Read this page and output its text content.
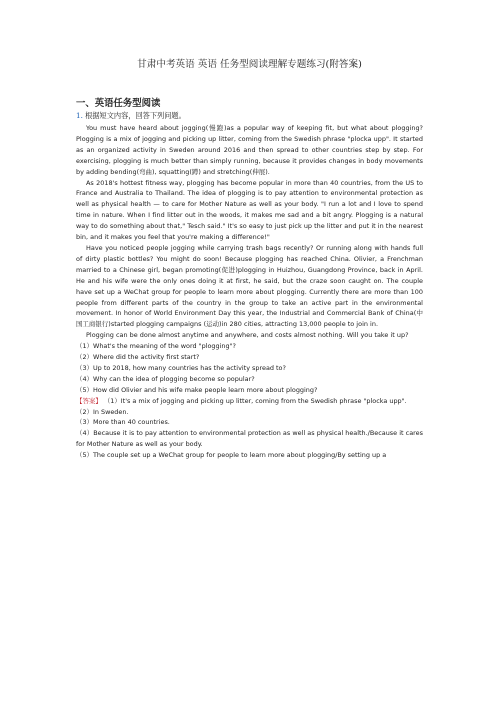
甘肃中考英语 英语 任务型阅读理解专题练习(附答案)

一、英语任务型阅读

1. 根据短文内容，回答下列问题。

You must have heard about jogging(慢跑)as a popular way of keeping fit, but what about plogging? Plogging is a mix of jogging and picking up litter, coming from the Swedish phrase "plocka upp". It started as an organized activity in Sweden around 2016 and then spread to other countries step by step. For exercising, plogging is much better than simply running, because it provides changes in body movements by adding bending(弯曲), squatting(蹲) and stretching(伸展).

As 2018's hottest fitness way, plogging has become popular in more than 40 countries, from the US to France and Australia to Thailand. The idea of plogging is to pay attention to environmental protection as well as physical health — to care for Mother Nature as well as your body. "I run a lot and I love to spend time in nature. When I find litter out in the woods, it makes me sad and a bit angry. Plogging is a natural way to do something about that," Tesch said." It's so easy to just pick up the litter and put it in the nearest bin, and it makes you feel that you're making a difference!"

Have you noticed people jogging while carrying trash bags recently? Or running along with hands full of dirty plastic bottles? You might do soon! Because plogging has reached China. Olivier, a Frenchman married to a Chinese girl, began promoting(促进)plogging in Huizhou, Guangdong Province, back in April. He and his wife were the only ones doing it at first, he said, but the craze soon caught on. The couple have set up a WeChat group for people to learn more about plogging. Currently there are more than 100 people from different parts of the country in the group to take an active part in the environmental movement. In honor of World Environment Day this year, the Industrial and Commercial Bank of China(中国工商银行)started plogging campaigns (运动)in 280 cities, attracting 13,000 people to join in.

Plogging can be done almost anytime and anywhere, and costs almost nothing. Will you take it up?

（1）What's the meaning of the word "plogging"?

（2）Where did the activity first start?

（3）Up to 2018, how many countries has the activity spread to?

（4）Why can the idea of plogging become so popular?

（5）How did Olivier and his wife make people learn more about plogging?

【答案】 （1）It's a mix of jogging and picking up litter, coming from the Swedish phrase "plocka upp".

（2）In Sweden.

（3）More than 40 countries.

（4）Because it is to pay attention to environmental protection as well as physical health./Because it cares for Mother Nature as well as your body.

（5）The couple set up a WeChat group for people to learn more about plogging/By setting up a
